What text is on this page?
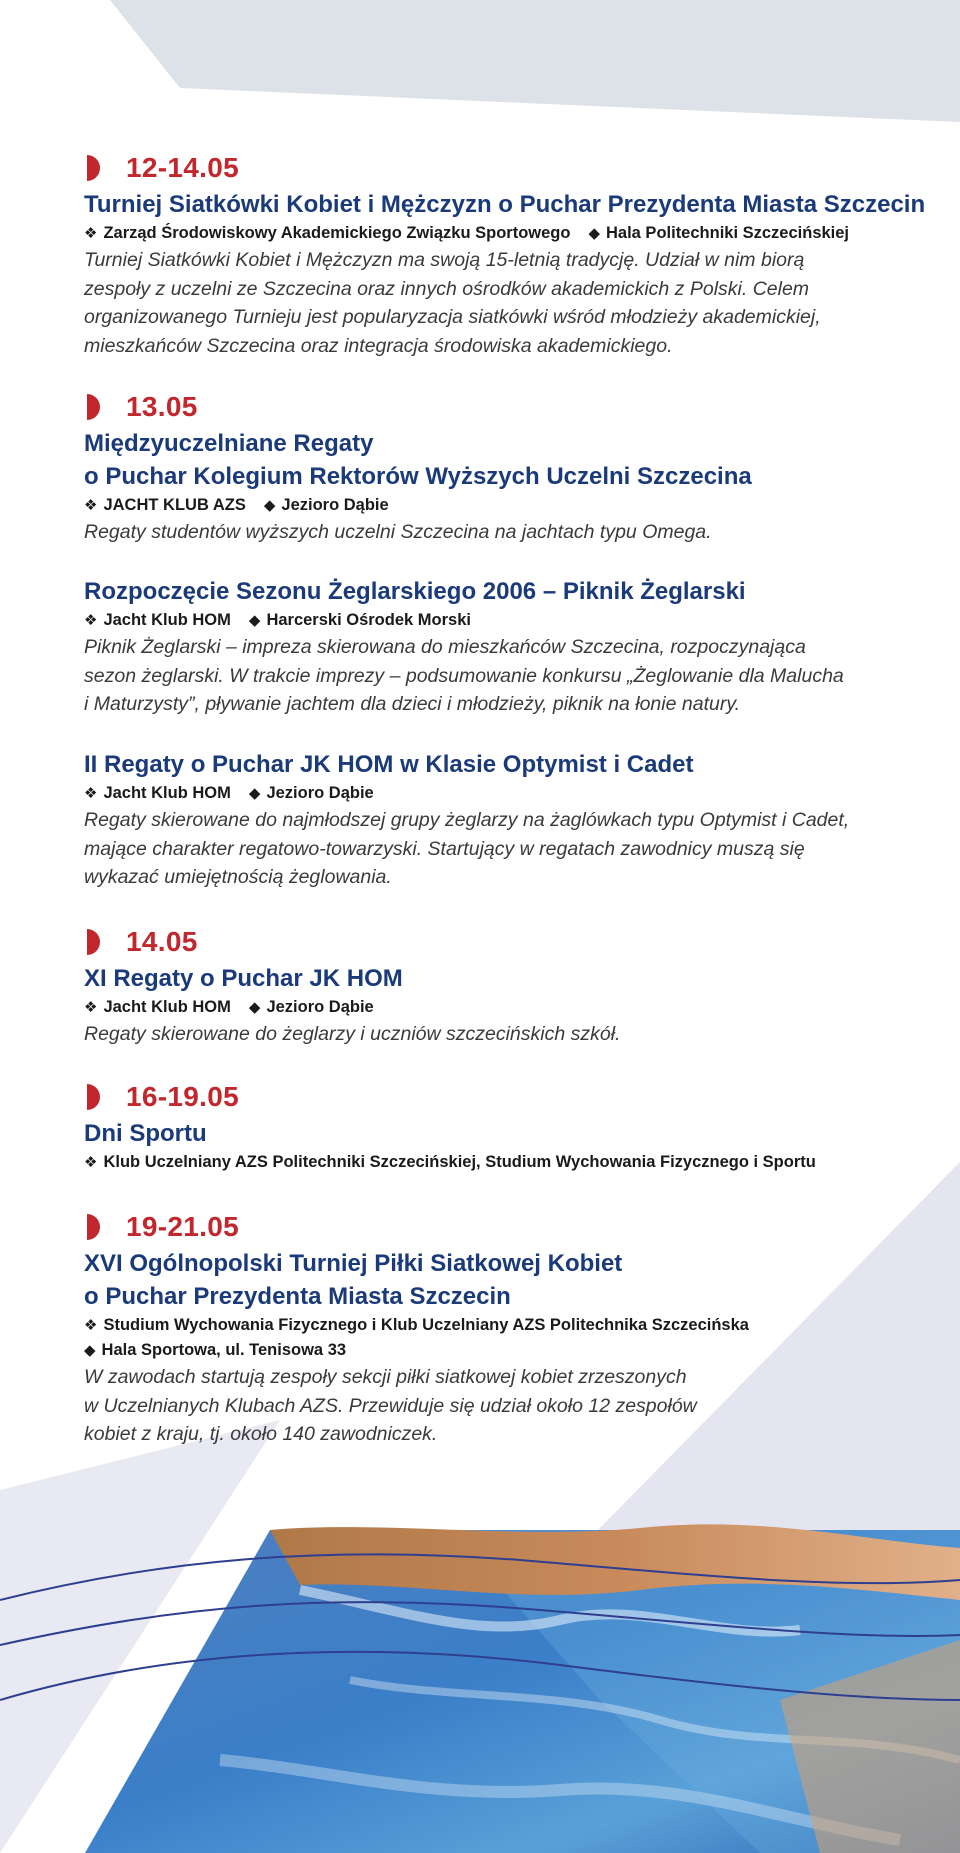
12-14.05
Turniej Siatkówki Kobiet i Mężczyzn o Puchar Prezydenta Miasta Szczecin
❖ Zarząd Środowiskowy Akademickiego Związku Sportowego ◆ Hala Politechniki Szczecińskiej
Turniej Siatkówki Kobiet i Mężczyzn ma swoją 15-letnią tradycję. Udział w nim biorą
zespoły z uczelni ze Szczecina oraz innych ośrodków akademickich z Polski. Celem
organizowanego Turnieju jest popularyzacja siatkówki wśród młodzieży akademickiej,
mieszkańców Szczecina oraz integracja środowiska akademickiego.
13.05
Międzyuczelniane Regaty
o Puchar Kolegium Rektorów Wyższych Uczelni Szczecina
❖ JACHT KLUB AZS ◆ Jezioro Dąbie
Regaty studentów wyższych uczelni Szczecina na jachtach typu Omega.
Rozpoczęcie Sezonu Żeglarskiego 2006 – Piknik Żeglarski
❖ Jacht Klub HOM ◆ Harcerski Ośrodek Morski
Piknik Żeglarski – impreza skierowana do mieszkańców Szczecina, rozpoczynająca
sezon żeglarski. W trakcie imprezy – podsumowanie konkursu „Żeglowanie dla Malucha
i Maturzysty”, pływanie jachtem dla dzieci i młodzieży, piknik na łonie natury.
II Regaty o Puchar JK HOM w Klasie Optymist i Cadet
❖ Jacht Klub HOM ◆ Jezioro Dąbie
Regaty skierowane do najmłodszej grupy żeglarzy na żaglówkach typu Optymist i Cadet,
mające charakter regatowo-towarzyski. Startujący w regatach zawodnicy muszą się
wykazać umiejętnością żeglowania.
14.05
XI Regaty o Puchar JK HOM
❖ Jacht Klub HOM ◆ Jezioro Dąbie
Regaty skierowane do żeglarzy i uczniów szczecińskich szkół.
16-19.05
Dni Sportu
❖ Klub Uczelniany AZS Politechniki Szczecińskiej, Studium Wychowania Fizycznego i Sportu
19-21.05
XVI Ogólnopolski Turniej Piłki Siatkowej Kobiet
o Puchar Prezydenta Miasta Szczecin
❖ Studium Wychowania Fizycznego i Klub Uczelniany AZS Politechnika Szczecińska
◆ Hala Sportowa, ul. Tenisowa 33
W zawodach startują zespoły sekcji piłki siatkowej kobiet zrzeszonych
w Uczelnianych Klubach AZS. Przewiduje się udział około 12 zespołów
kobiet z kraju, tj. około 140 zawodniczek.
